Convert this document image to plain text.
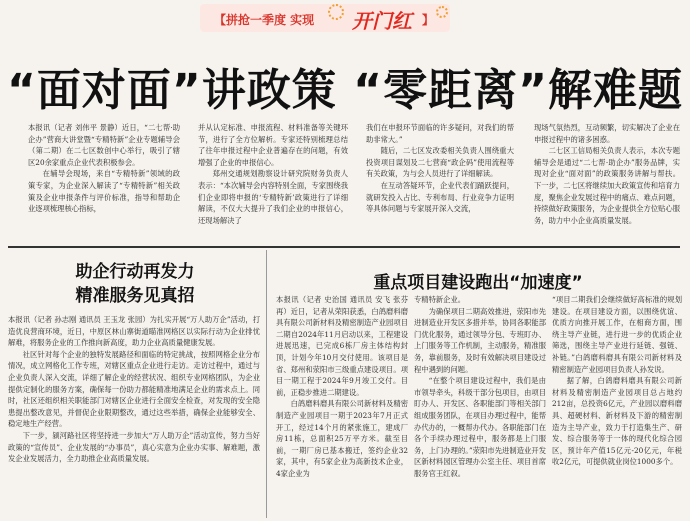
【拼抢一季度 实现 开门红 】
“面对面”讲政策 “零距离”解难题
本报讯（记者 刘伟平 景静）近日，“二七帮·助企办”营商大讲堂暨“专精特新”企业专题辅导会（第二期）在二七区数创中心举行，吸引了辖区20余家重点企业代表积极参会。
在辅导会现场，来自“专精特新”领域的政策专家，为企业深入解读了“专精特新”相关政策及企业申报条件与评价标准，指导和帮助企业逐项梳理核心指标，
并从认定标准、申报流程、材料准备等关键环节，进行了全方位解析。专家还特别梳理总结了往年申报过程中企业普遍存在的问题，有效增强了企业的申报信心。
郑州交通规划勘察设计研究院财务负责人表示：“本次辅导会内容特别全面，专家围绕我们企业即将申报的‘专精特新’政策进行了详细解读，不仅大大提升了我们企业的申报信心，还现场解决了
我们在申报环节面临的许多疑问，对我们的帮助非常大。”
随后，二七区发改委相关负责人围绕重大投资项目谋划及二七营商“政企码”使用流程等有关政策，为与会人员进行了详细解读。
在互动答疑环节，企业代表们踊跃提问，就研发投入占比、专利布局、行业竞争力证明等具体问题与专家展开深入交流，
现场气氛热烈，互动频繁，切实解决了企业在申报过程中的诸多困惑。
二七区工信局相关负责人表示，本次专题辅导会是通过“二七帮·助企办”服务品牌，实现对企业“面对面”的政策服务讲解与帮扶。下一步，二七区将继续加大政策宣传和培育力度，聚焦企业发展过程中的痛点、难点问题，持续做好政策服务，为企业提供全方位贴心服务，助力中小企业高质量发展。
助企行动再发力
精准服务见真招
本报讯（记者 孙志刚 通讯员 王玉龙 张园）为扎实开展“万人助万企”活动，打造优良营商环境，近日，中原区林山寨街道瞄准网格区以实际行动为企业排忧解难，将服务企业的工作推向新高度，助力企业高质量健康发展。
社区针对每个企业的独特发展路径和面临的特定挑战，按照网格企业分布情况，成立网格化工作专班，对辖区重点企业进行走访。走访过程中，通过与企业负责人深入交流，详细了解企业的经营状况、组织专业网格团队，为企业提供定制化的服务方案，确保每一份助力都能精准地满足企业的需求点上。同时，社区还组织相关职能部门对辖区企业进行全面安全检查，对发现的安全隐患提出整改意见，并督促企业限期整改，通过这些举措，确保企业能够安全、稳定地生产经营。
下一步，颍河路社区将坚持进一步加大“万人助万企”活动宣传，努力当好政策的“宣传员”、企业发展的“办事员”，真心实意为企业办实事、解难题，激发企业发展活力，全力助推企业高质量发展。
重点项目建设跑出“加速度”
本报讯（记者 史治国 通讯员 安飞 张芬再）近日，记者从荣阳获悉，白鸽磨料磨具有限公司新材料及精密制造产业园项目二期自2024年11月启动以来，工程建设进展迅速，已完成6栋厂房主体结构封顶，计划今年10月交付使用。该项目是省、郑州和荥阳市三级重点建设项目。项目一期工程于2024年9月竣工交付。目前，正稳步推进二期建设。
白鸽磨料磨具有限公司新材料及精密制造产业园项目一期于2023年7月正式开工，经过14个月的紧张施工，建成厂房11栋，总面积25万平方米。截至目前，一期厂房已基本搬迁，签约企业32家，其中，有5家企业为高新技术企业，4家企业为
专精特新企业。
为确保项目二期高效推进，荥阳市先进制造业开发区多措并举，协同各职能部门优化服务，通过领导分包、专班盯办、上门服务等工作机制，主动服务，精准服务，靠前服务，及时有效解决项目建设过程中遇到的问题。
“在整个项目建设过程中，我们是由市领导牵头，科级干部分包项目，由项目盯办人、开发区、各职能部门等相关部门组成服务团队，在项目办理过程中，能帮办代办的，一概帮办代办。各职能部门在各个手续办理过程中，服务都是上门服务，上门办理的。”荥阳市先进制造业开发区新材料园区管理办公室主任、项目首席服务官王红叙。
“项目二期我们会继续做好高标准的规划建设。在项目建设方面，以围绕优谊、优质方向推开展工作，在相商方面，围绕主导产业链，进行进一步的优质企业筛选，围绕主导产业进行延链、强链、补链。”白鸽磨料磨具有限公司新材料及精密制造产业园项目负责人孙发说。
据了解，白鸽磨料磨具有限公司新材料及精密制造产业园项目总占地约212亩，总投资6亿元，产业园以磨料磨具、超硬材料、新材料及下游的精密制造为主导产业，致力于打造集生产、研发、综合服务等于一体的现代化综合园区，预计年产值15亿元-20亿元，年税收2亿元，可提供就业岗位1000多个。
